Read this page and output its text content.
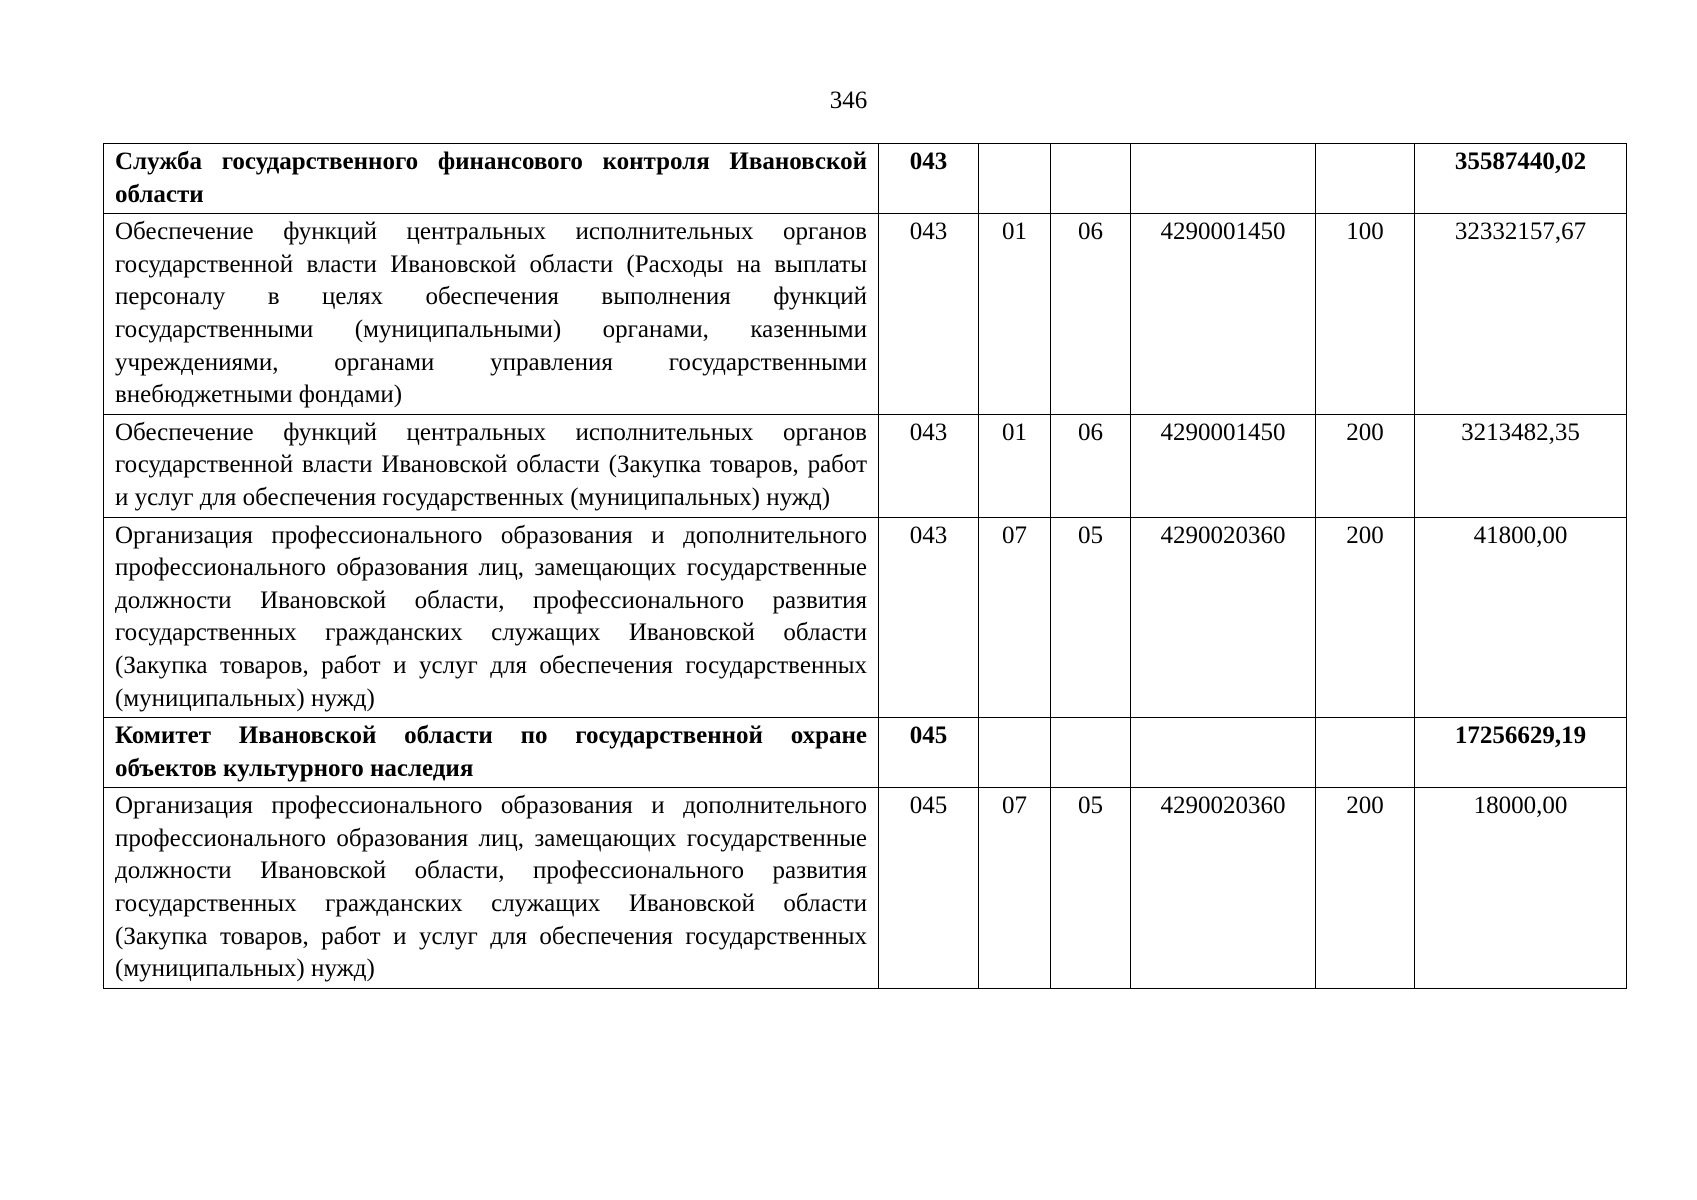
346
Служба государственного финансового контроля Ивановской области	043					35587440,02
Обеспечение функций центральных исполнительных органов государственной власти Ивановской области (Расходы на выплаты персоналу в целях обеспечения выполнения функций государственными (муниципальными) органами, казенными учреждениями, органами управления государственными внебюджетными фондами)	043	01	06	4290001450	100	32332157,67
Обеспечение функций центральных исполнительных органов государственной власти Ивановской области (Закупка товаров, работ и услуг для обеспечения государственных (муниципальных) нужд)	043	01	06	4290001450	200	3213482,35
Организация профессионального образования и дополнительного профессионального образования лиц, замещающих государственные должности Ивановской области, профессионального развития государственных гражданских служащих Ивановской области (Закупка товаров, работ и услуг для обеспечения государственных (муниципальных) нужд)	043	07	05	4290020360	200	41800,00
Комитет Ивановской области по государственной охране объектов культурного наследия	045					17256629,19
Организация профессионального образования и дополнительного профессионального образования лиц, замещающих государственные должности Ивановской области, профессионального развития государственных гражданских служащих Ивановской области (Закупка товаров, работ и услуг для обеспечения государственных (муниципальных) нужд)	045	07	05	4290020360	200	18000,00
